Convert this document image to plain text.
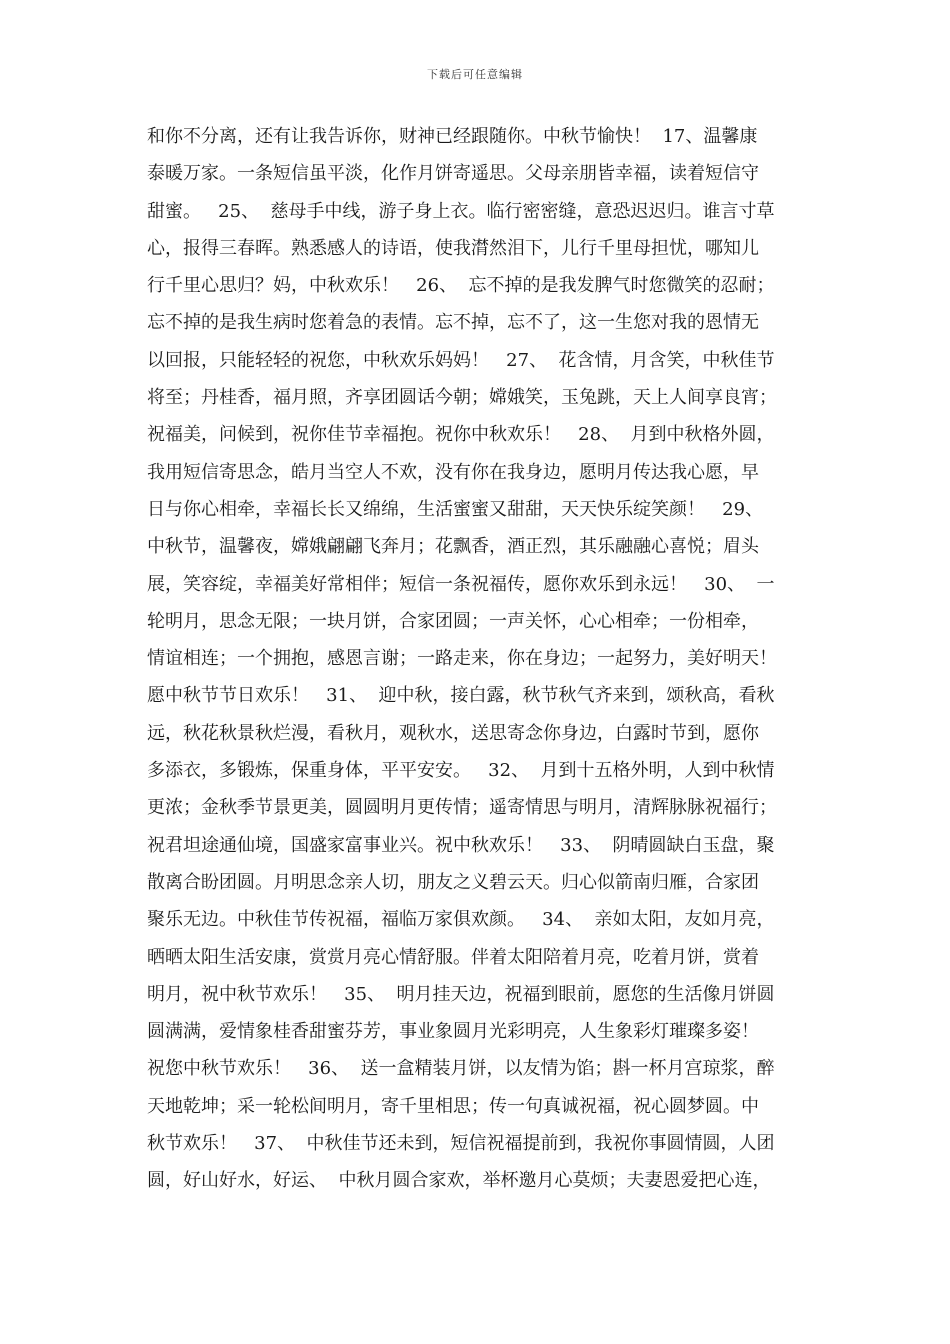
下载后可任意编辑
和你不分离，还有让我告诉你，财神已经跟随你。中秋节愉快！  17、温馨康
泰暖万家。一条短信虽平淡，化作月饼寄遥思。父母亲朋皆幸福，读着短信守
甜蜜。   25、  慈母手中线，游子身上衣。临行密密缝，意恐迟迟归。谁言寸草
心，报得三春晖。熟悉感人的诗语，使我潸然泪下，儿行千里母担忧，哪知儿
行千里心思归？妈，中秋欢乐！   26、  忘不掉的是我发脾气时您微笑的忍耐；
忘不掉的是我生病时您着急的表情。忘不掉，忘不了，这一生您对我的恩情无
以回报，只能轻轻的祝您，中秋欢乐妈妈！   27、  花含情，月含笑，中秋佳节
将至；丹桂香，福月照，齐享团圆话今朝；嫦娥笑，玉兔跳，天上人间享良宵；
祝福美，问候到，祝你佳节幸福抱。祝你中秋欢乐！   28、  月到中秋格外圆，
我用短信寄思念，皓月当空人不欢，没有你在我身边，愿明月传达我心愿，早
日与你心相牵，幸福长长又绵绵，生活蜜蜜又甜甜，天天快乐绽笑颜！   29、
中秋节，温馨夜，嫦娥翩翩飞奔月；花飘香，酒正烈，其乐融融心喜悦；眉头
展，笑容绽，幸福美好常相伴；短信一条祝福传，愿你欢乐到永远！   30、  一
轮明月，思念无限；一块月饼，合家团圆；一声关怀，心心相牵；一份相牵，
情谊相连；一个拥抱，感恩言谢；一路走来，你在身边；一起努力，美好明天！
愿中秋节节日欢乐！   31、  迎中秋，接白露，秋节秋气齐来到，颂秋高，看秋
远，秋花秋景秋烂漫，看秋月，观秋水，送思寄念你身边，白露时节到，愿你
多添衣，多锻炼，保重身体，平平安安。   32、  月到十五格外明，人到中秋情
更浓；金秋季节景更美，圆圆明月更传情；遥寄情思与明月，清辉脉脉祝福行；
祝君坦途通仙境，国盛家富事业兴。祝中秋欢乐！   33、  阴晴圆缺白玉盘，聚
散离合盼团圆。月明思念亲人切，朋友之义碧云天。归心似箭南归雁，合家团
聚乐无边。中秋佳节传祝福，福临万家俱欢颜。   34、  亲如太阳，友如月亮，
晒晒太阳生活安康，赏赏月亮心情舒服。伴着太阳陪着月亮，吃着月饼，赏着
明月，祝中秋节欢乐！   35、  明月挂天边，祝福到眼前，愿您的生活像月饼圆
圆满满，爱情象桂香甜蜜芬芳，事业象圆月光彩明亮，人生象彩灯璀璨多姿！
祝您中秋节欢乐！   36、  送一盒精装月饼，以友情为馅；斟一杯月宫琼浆，醉
天地乾坤；采一轮松间明月，寄千里相思；传一句真诚祝福，祝心圆梦圆。中
秋节欢乐！   37、  中秋佳节还未到，短信祝福提前到，我祝你事圆情圆，人团
圆，好山好水，好运、  中秋月圆合家欢，举杯邀月心莫烦；夫妻恩爱把心连，
